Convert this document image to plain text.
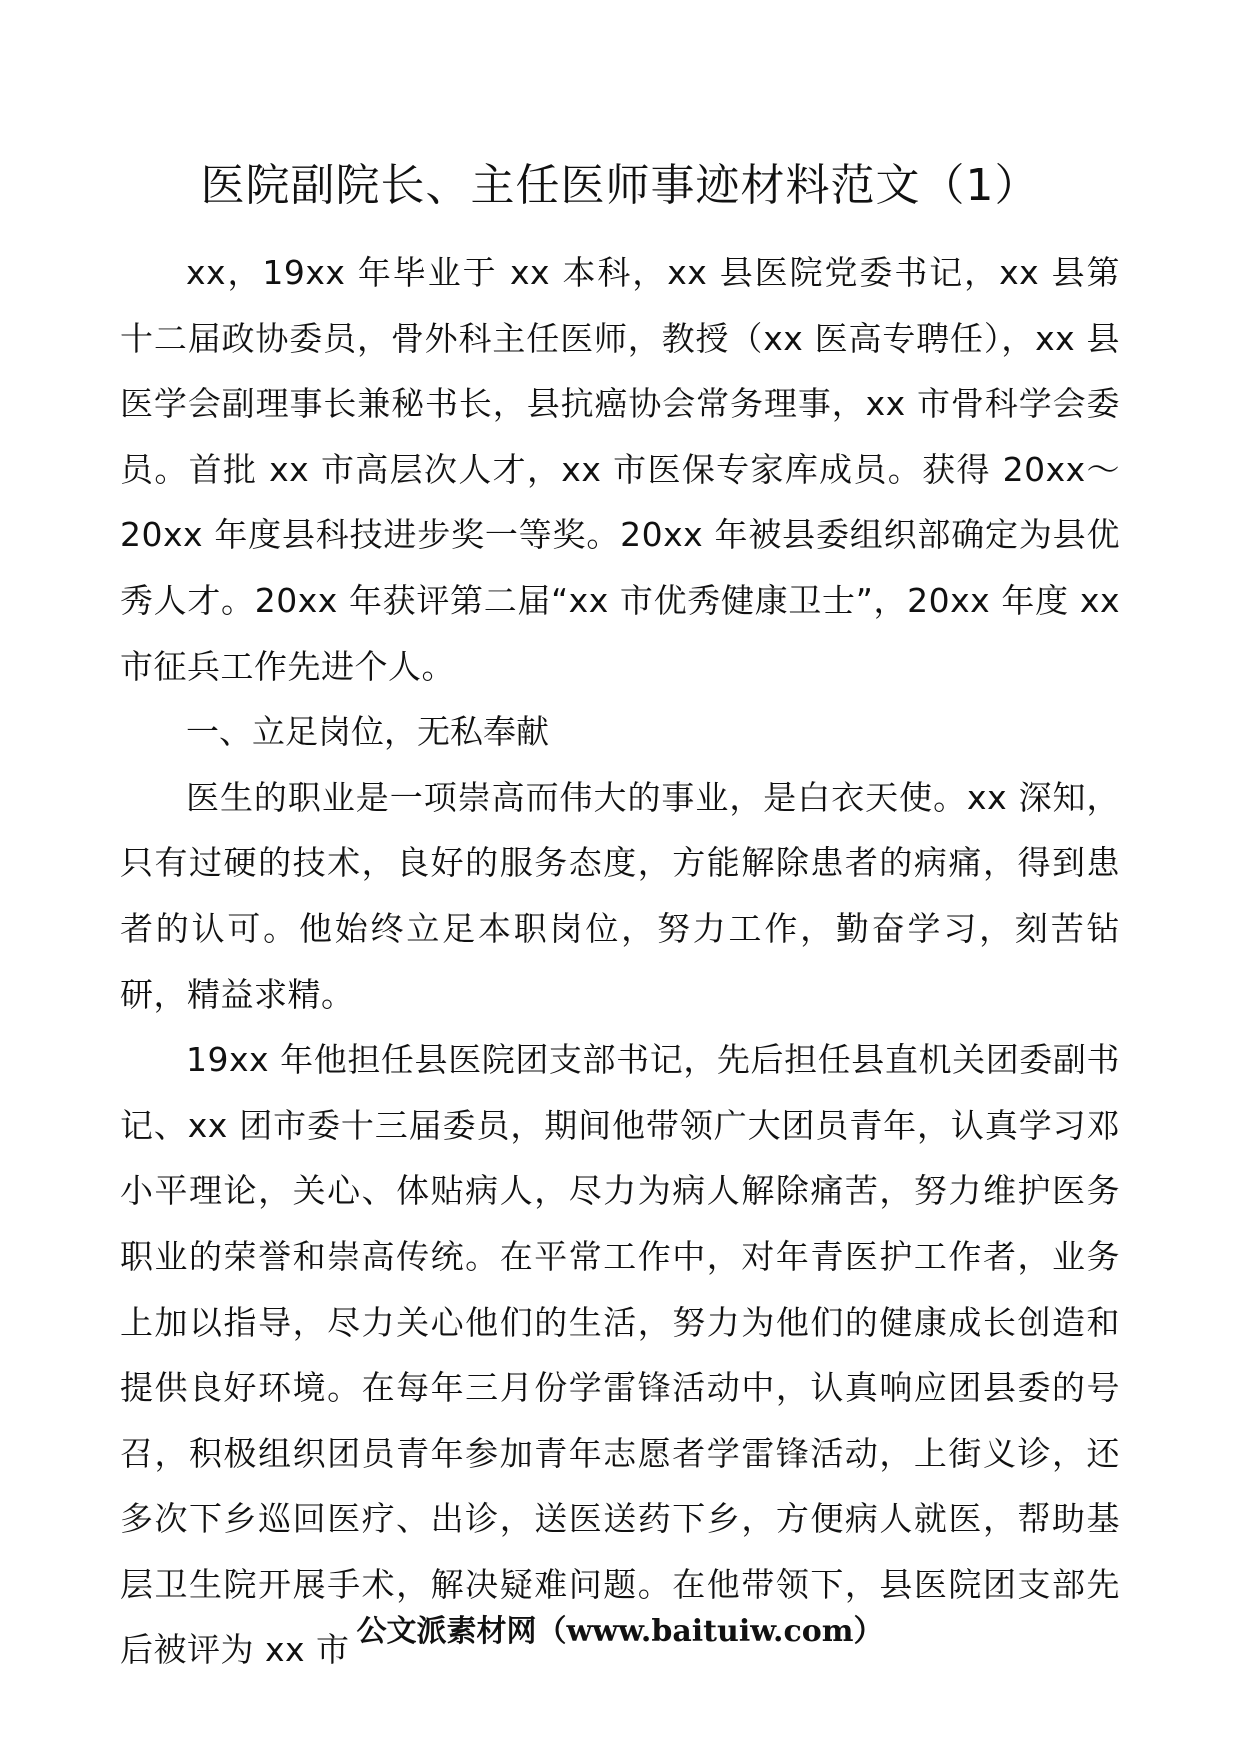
医院副院长、主任医师事迹材料范文（1）

xx，19xx 年毕业于 xx 本科，xx 县医院党委书记，xx 县第十二届政协委员，骨外科主任医师，教授（xx 医高专聘任），xx 县医学会副理事长兼秘书长，县抗癌协会常务理事，xx 市骨科学会委员。首批 xx 市高层次人才，xx 市医保专家库成员。获得 20xx～20xx 年度县科技进步奖一等奖。20xx 年被县委组织部确定为县优秀人才。20xx 年获评第二届“xx 市优秀健康卫士”，20xx 年度 xx 市征兵工作先进个人。

一、立足岗位，无私奉献

医生的职业是一项崇高而伟大的事业，是白衣天使。xx 深知，只有过硬的技术，良好的服务态度，方能解除患者的病痛，得到患者的认可。他始终立足本职岗位，努力工作，勤奋学习，刻苦钻研，精益求精。

19xx 年他担任县医院团支部书记，先后担任县直机关团委副书记、xx 团市委十三届委员，期间他带领广大团员青年，认真学习邓小平理论，关心、体贴病人，尽力为病人解除痛苦，努力维护医务职业的荣誉和崇高传统。在平常工作中，对年青医护工作者，业务上加以指导，尽力关心他们的生活，努力为他们的健康成长创造和提供良好环境。在每年三月份学雷锋活动中，认真响应团县委的号召，积极组织团员青年参加青年志愿者学雷锋活动，上街义诊，还多次下乡巡回医疗、出诊，送医送药下乡，方便病人就医，帮助基层卫生院开展手术，解决疑难问题。在他带领下，县医院团支部先后被评为 xx 市 公文派素材网（www.baituiw.com）
